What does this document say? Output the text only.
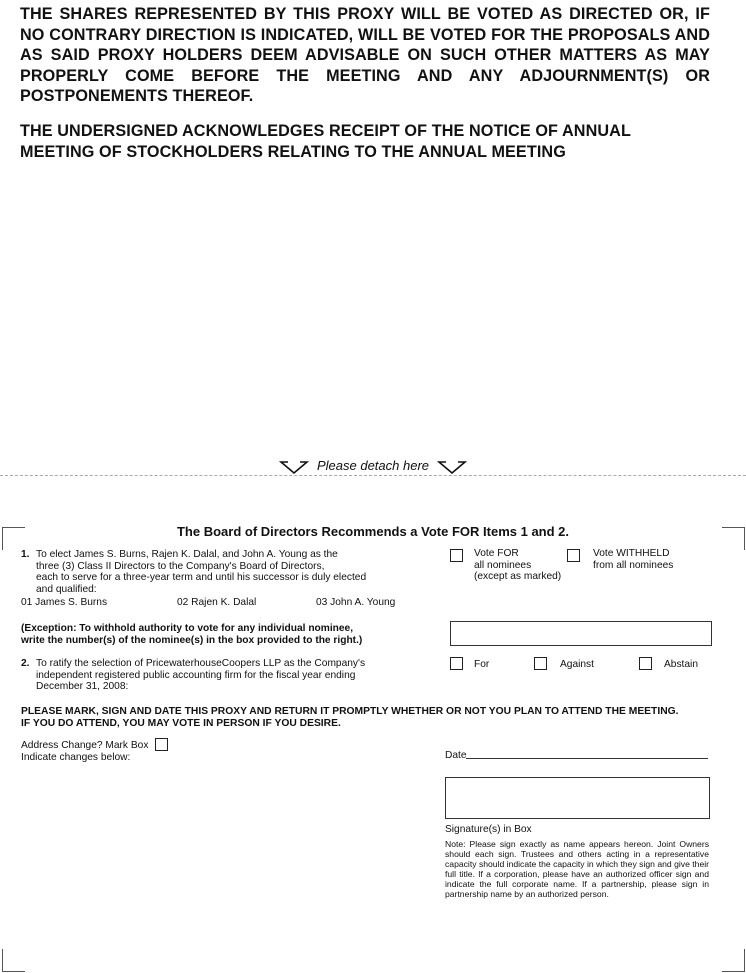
THE SHARES REPRESENTED BY THIS PROXY WILL BE VOTED AS DIRECTED OR, IF NO CONTRARY DIRECTION IS INDICATED, WILL BE VOTED FOR THE PROPOSALS AND AS SAID PROXY HOLDERS DEEM ADVISABLE ON SUCH OTHER MATTERS AS MAY PROPERLY COME BEFORE THE MEETING AND ANY ADJOURNMENT(S) OR POSTPONEMENTS THEREOF.
THE UNDERSIGNED ACKNOWLEDGES RECEIPT OF THE NOTICE OF ANNUAL MEETING OF STOCKHOLDERS RELATING TO THE ANNUAL MEETING
Please detach here
The Board of Directors Recommends a Vote FOR Items 1 and 2.
1. To elect James S. Burns, Rajen K. Dalal, and John A. Young as the
three (3) Class II Directors to the Company's Board of Directors,
each to serve for a three-year term and until his successor is duly elected
and qualified:
01 James S. Burns	02 Rajen K. Dalal	03 John A. Young
Vote FOR
all nominees
(except as marked)
Vote WITHHELD
from all nominees
(Exception: To withhold authority to vote for any individual nominee,
write the number(s) of the nominee(s) in the box provided to the right.)
2. To ratify the selection of PricewaterhouseCoopers LLP as the Company's
independent registered public accounting firm for the fiscal year ending
December 31, 2008:
For	Against	Abstain
PLEASE MARK, SIGN AND DATE THIS PROXY AND RETURN IT PROMPTLY WHETHER OR NOT YOU PLAN TO ATTEND THE MEETING.
IF YOU DO ATTEND, YOU MAY VOTE IN PERSON IF YOU DESIRE.
Address Change? Mark Box
Indicate changes below:	Date
Signature(s) in Box
Note: Please sign exactly as name appears hereon. Joint Owners should each sign. Trustees and others acting in a representative capacity should indicate the capacity in which they sign and give their full title. If a corporation, please have an authorized officer sign and indicate the full corporate name. If a partnership, please sign in partnership name by an authorized person.
